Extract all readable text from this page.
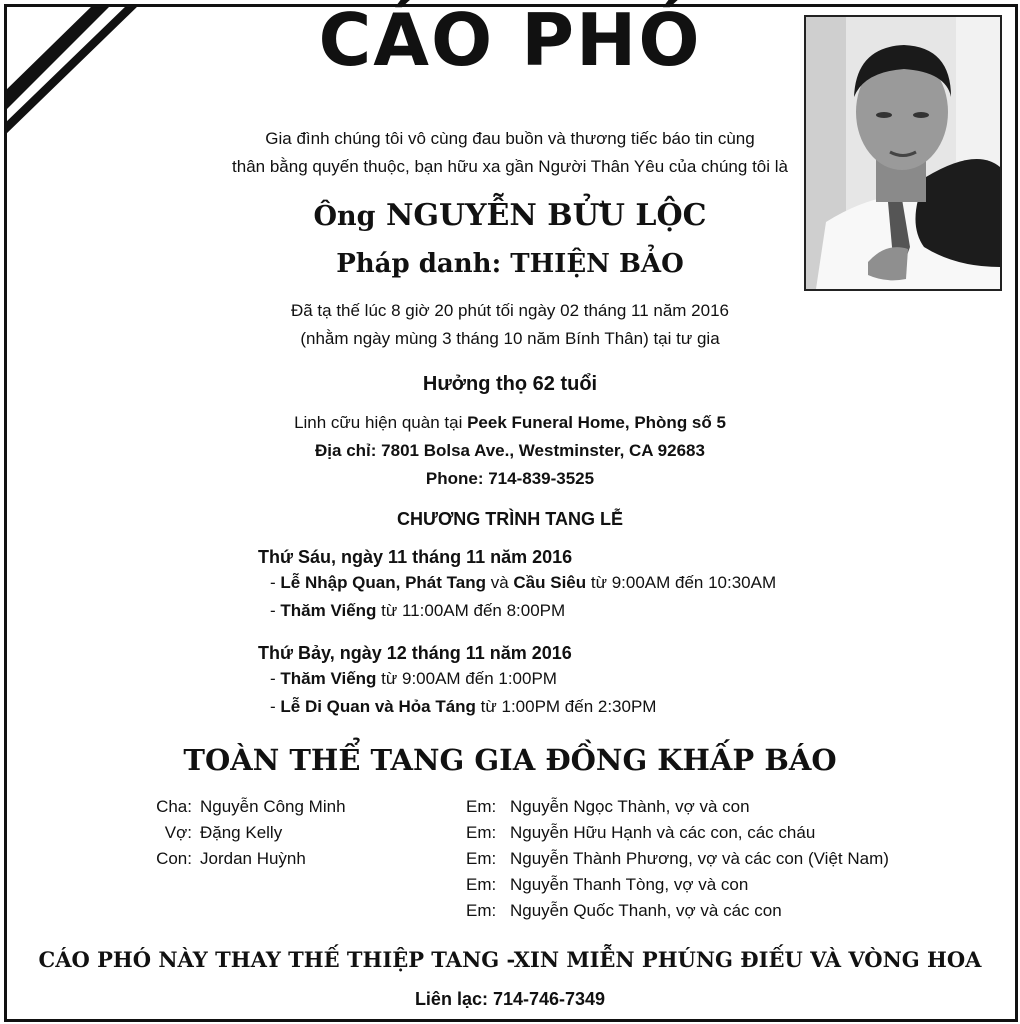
CÁO PHÓ
Gia đình chúng tôi vô cùng đau buồn và thương tiếc báo tin cùng
thân bằng quyến thuộc, bạn hữu xa gần Người Thân Yêu của chúng tôi là
Ông NGUYỄN BỬU LỘC
Pháp danh: THIỆN BẢO
Đã tạ thế lúc 8 giờ 20 phút tối ngày 02 tháng 11 năm 2016
(nhằm ngày mùng 3 tháng 10 năm Bính Thân) tại tư gia
Hưởng thọ 62 tuổi
Linh cữu hiện quàn tại Peek Funeral Home, Phòng số 5
Địa chỉ: 7801 Bolsa Ave., Westminster, CA 92683
Phone: 714-839-3525
CHƯƠNG TRÌNH TANG LỄ
Thứ Sáu, ngày 11 tháng 11 năm 2016
- Lễ Nhập Quan, Phát Tang và Cầu Siêu từ 9:00AM đến 10:30AM
- Thăm Viếng từ 11:00AM đến 8:00PM
Thứ Bảy, ngày 12 tháng 11 năm 2016
- Thăm Viếng từ 9:00AM đến 1:00PM
- Lễ Di Quan và Hỏa Táng từ 1:00PM đến 2:30PM
TOÀN THỂ TANG GIA ĐỒNG KHẤP BÁO
Cha: Nguyễn Công Minh
Vợ: Đặng Kelly
Con: Jordan Huỳnh
Em: Nguyễn Ngọc Thành, vợ và con
Em: Nguyễn Hữu Hạnh và các con, các cháu
Em: Nguyễn Thành Phương, vợ và các con (Việt Nam)
Em: Nguyễn Thanh Tòng, vợ và con
Em: Nguyễn Quốc Thanh, vợ và các con
CÁO PHÓ NÀY THAY THẾ THIỆP TANG -XIN MIỄN PHÚNG ĐIẾU VÀ VÒNG HOA
Liên lạc: 714-746-7349
